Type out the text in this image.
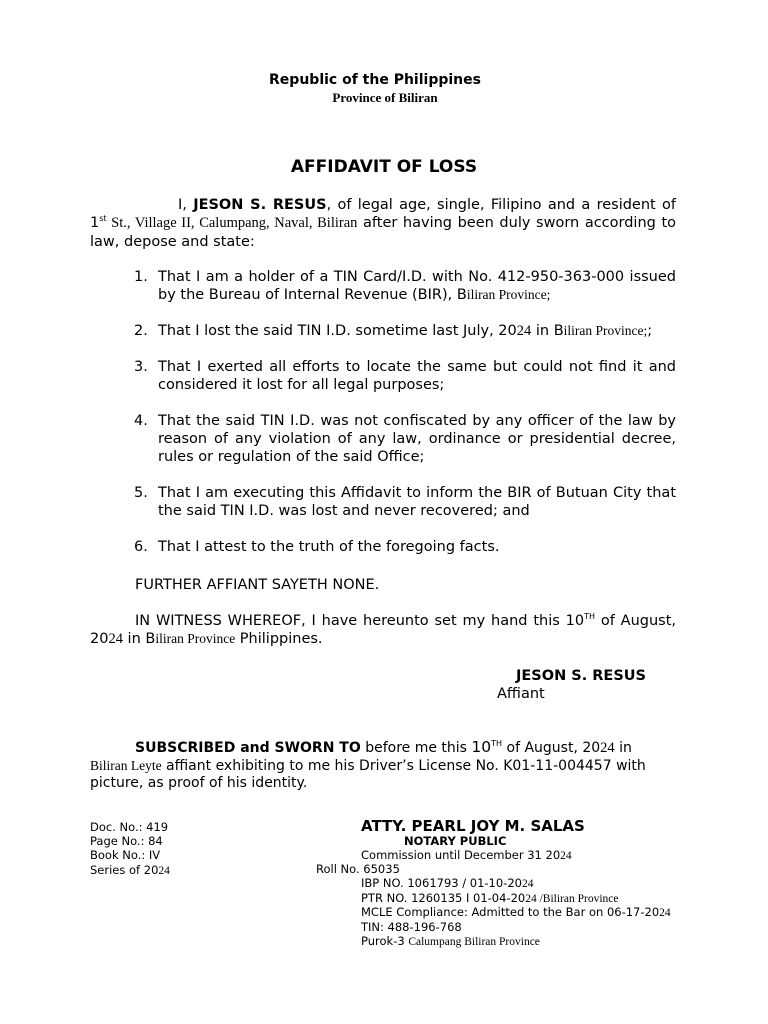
Republic of the Philippines
Province of Biliran
AFFIDAVIT OF LOSS
I, JESON S. RESUS, of legal age, single, Filipino and a resident of 1st St., Village II, Calumpang, Naval, Biliran after having been duly sworn according to law, depose and state:
1. That I am a holder of a TIN Card/I.D. with No. 412-950-363-000 issued by the Bureau of Internal Revenue (BIR), Biliran Province;
2. That I lost the said TIN I.D. sometime last July, 2024 in Biliran Province;;
3. That I exerted all efforts to locate the same but could not find it and considered it lost for all legal purposes;
4. That the said TIN I.D. was not confiscated by any officer of the law by reason of any violation of any law, ordinance or presidential decree, rules or regulation of the said Office;
5. That I am executing this Affidavit to inform the BIR of Butuan City that the said TIN I.D. was lost and never recovered; and
6. That I attest to the truth of the foregoing facts.
FURTHER AFFIANT SAYETH NONE.
IN WITNESS WHEREOF, I have hereunto set my hand this 10TH of August, 2024 in Biliran Province Philippines.
JESON S. RESUS
Affiant
SUBSCRIBED and SWORN TO before me this 10TH of August, 2024 in
Biliran Leyte affiant exhibiting to me his Driver’s License No. K01-11-004457 with picture, as proof of his identity.
Doc. No.: 419
Page No.: 84
Book No.: IV
Series of 2024
ATTY. PEARL JOY M. SALAS
NOTARY PUBLIC
Roll No. 65035
Commission until December 31 2024

IBP NO. 1061793 / 01-10-2024
PTR NO. 1260135 I 01-04-2024 /Biliran Province
MCLE Compliance: Admitted to the Bar on 06-17-2024
TIN: 488-196-768
Purok-3 Calumpang Biliran Province
